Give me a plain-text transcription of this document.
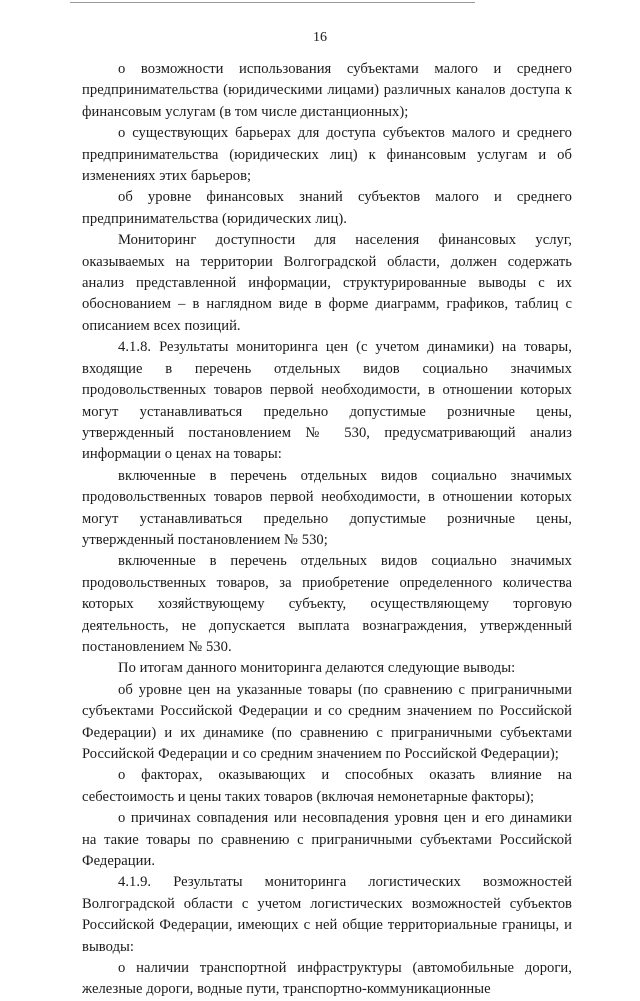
16

о возможности использования субъектами малого и среднего предпринимательства (юридическими лицами) различных каналов доступа к финансовым услугам (в том числе дистанционных);

о существующих барьерах для доступа субъектов малого и среднего предпринимательства (юридических лиц) к финансовым услугам и об изменениях этих барьеров;

об уровне финансовых знаний субъектов малого и среднего предпринимательства (юридических лиц).

Мониторинг доступности для населения финансовых услуг, оказываемых на территории Волгоградской области, должен содержать анализ представленной информации, структурированные выводы с их обоснованием – в наглядном виде в форме диаграмм, графиков, таблиц с описанием всех позиций.

4.1.8. Результаты мониторинга цен (с учетом динамики) на товары, входящие в перечень отдельных видов социально значимых продовольственных товаров первой необходимости, в отношении которых могут устанавливаться предельно допустимые розничные цены, утвержденный постановлением № 530, предусматривающий анализ информации о ценах на товары:

включенные в перечень отдельных видов социально значимых продовольственных товаров первой необходимости, в отношении которых могут устанавливаться предельно допустимые розничные цены, утвержденный постановлением № 530;

включенные в перечень отдельных видов социально значимых продовольственных товаров, за приобретение определенного количества которых хозяйствующему субъекту, осуществляющему торговую деятельность, не допускается выплата вознаграждения, утвержденный постановлением № 530.

По итогам данного мониторинга делаются следующие выводы:

об уровне цен на указанные товары (по сравнению с приграничными субъектами Российской Федерации и со средним значением по Российской Федерации) и их динамике (по сравнению с приграничными субъектами Российской Федерации и со средним значением по Российской Федерации);

о факторах, оказывающих и способных оказать влияние на себестоимость и цены таких товаров (включая немонетарные факторы);

о причинах совпадения или несовпадения уровня цен и его динамики на такие товары по сравнению с приграничными субъектами Российской Федерации.

4.1.9. Результаты мониторинга логистических возможностей Волгоградской области с учетом логистических возможностей субъектов Российской Федерации, имеющих с ней общие территориальные границы, и выводы:

о наличии транспортной инфраструктуры (автомобильные дороги, железные дороги, водные пути, транспортно-коммуникационные
